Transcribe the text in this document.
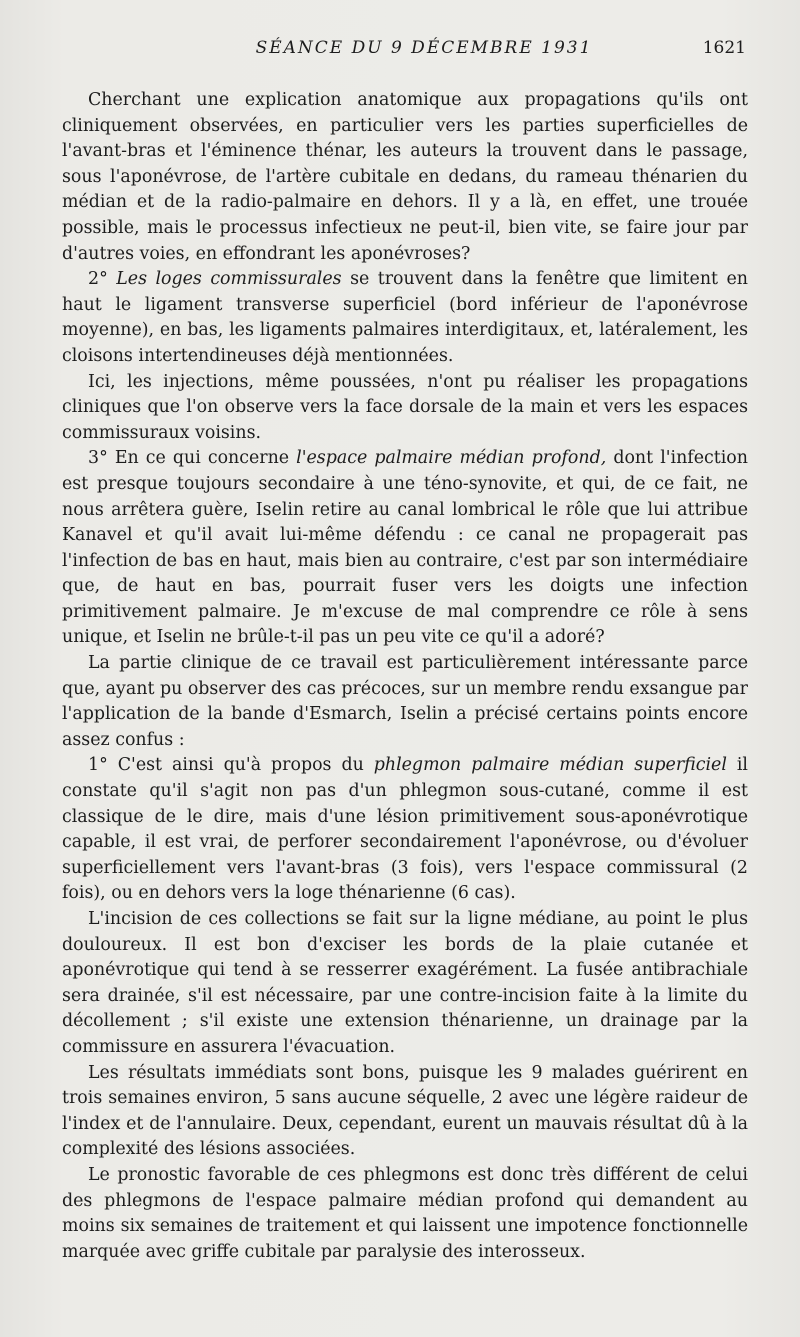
SÉANCE DU 9 DÉCEMBRE 1931	1621

Cherchant une explication anatomique aux propagations qu'ils ont cliniquement observées, en particulier vers les parties superficielles de l'avant-bras et l'éminence thénar, les auteurs la trouvent dans le passage, sous l'aponévrose, de l'artère cubitale en dedans, du rameau thénarien du médian et de la radio-palmaire en dehors. Il y a là, en effet, une trouée possible, mais le processus infectieux ne peut-il, bien vite, se faire jour par d'autres voies, en effondrant les aponévroses?

2° Les loges commissurales se trouvent dans la fenêtre que limitent en haut le ligament transverse superficiel (bord inférieur de l'aponévrose moyenne), en bas, les ligaments palmaires interdigitaux, et, latéralement, les cloisons intertendineuses déjà mentionnées.

Ici, les injections, même poussées, n'ont pu réaliser les propagations cliniques que l'on observe vers la face dorsale de la main et vers les espaces commissuraux voisins.

3° En ce qui concerne l'espace palmaire médian profond, dont l'infection est presque toujours secondaire à une téno-synovite, et qui, de ce fait, ne nous arrêtera guère, Iselin retire au canal lombrical le rôle que lui attribue Kanavel et qu'il avait lui-même défendu : ce canal ne propagerait pas l'infection de bas en haut, mais bien au contraire, c'est par son intermédiaire que, de haut en bas, pourrait fuser vers les doigts une infection primitivement palmaire. Je m'excuse de mal comprendre ce rôle à sens unique, et Iselin ne brûle-t-il pas un peu vite ce qu'il a adoré?

La partie clinique de ce travail est particulièrement intéressante parce que, ayant pu observer des cas précoces, sur un membre rendu exsangue par l'application de la bande d'Esmarch, Iselin a précisé certains points encore assez confus :

1° C'est ainsi qu'à propos du phlegmon palmaire médian superficiel il constate qu'il s'agit non pas d'un phlegmon sous-cutané, comme il est classique de le dire, mais d'une lésion primitivement sous-aponévrotique capable, il est vrai, de perforer secondairement l'aponévrose, ou d'évoluer superficiellement vers l'avant-bras (3 fois), vers l'espace commissural (2 fois), ou en dehors vers la loge thénarienne (6 cas).

L'incision de ces collections se fait sur la ligne médiane, au point le plus douloureux. Il est bon d'exciser les bords de la plaie cutanée et aponévrotique qui tend à se resserrer exagérément. La fusée antibrachiale sera drainée, s'il est nécessaire, par une contre-incision faite à la limite du décollement ; s'il existe une extension thénarienne, un drainage par la commissure en assurera l'évacuation.

Les résultats immédiats sont bons, puisque les 9 malades guérirent en trois semaines environ, 5 sans aucune séquelle, 2 avec une légère raideur de l'index et de l'annulaire. Deux, cependant, eurent un mauvais résultat dû à la complexité des lésions associées.

Le pronostic favorable de ces phlegmons est donc très différent de celui des phlegmons de l'espace palmaire médian profond qui demandent au moins six semaines de traitement et qui laissent une impotence fonctionnelle marquée avec griffe cubitale par paralysie des interosseux.
